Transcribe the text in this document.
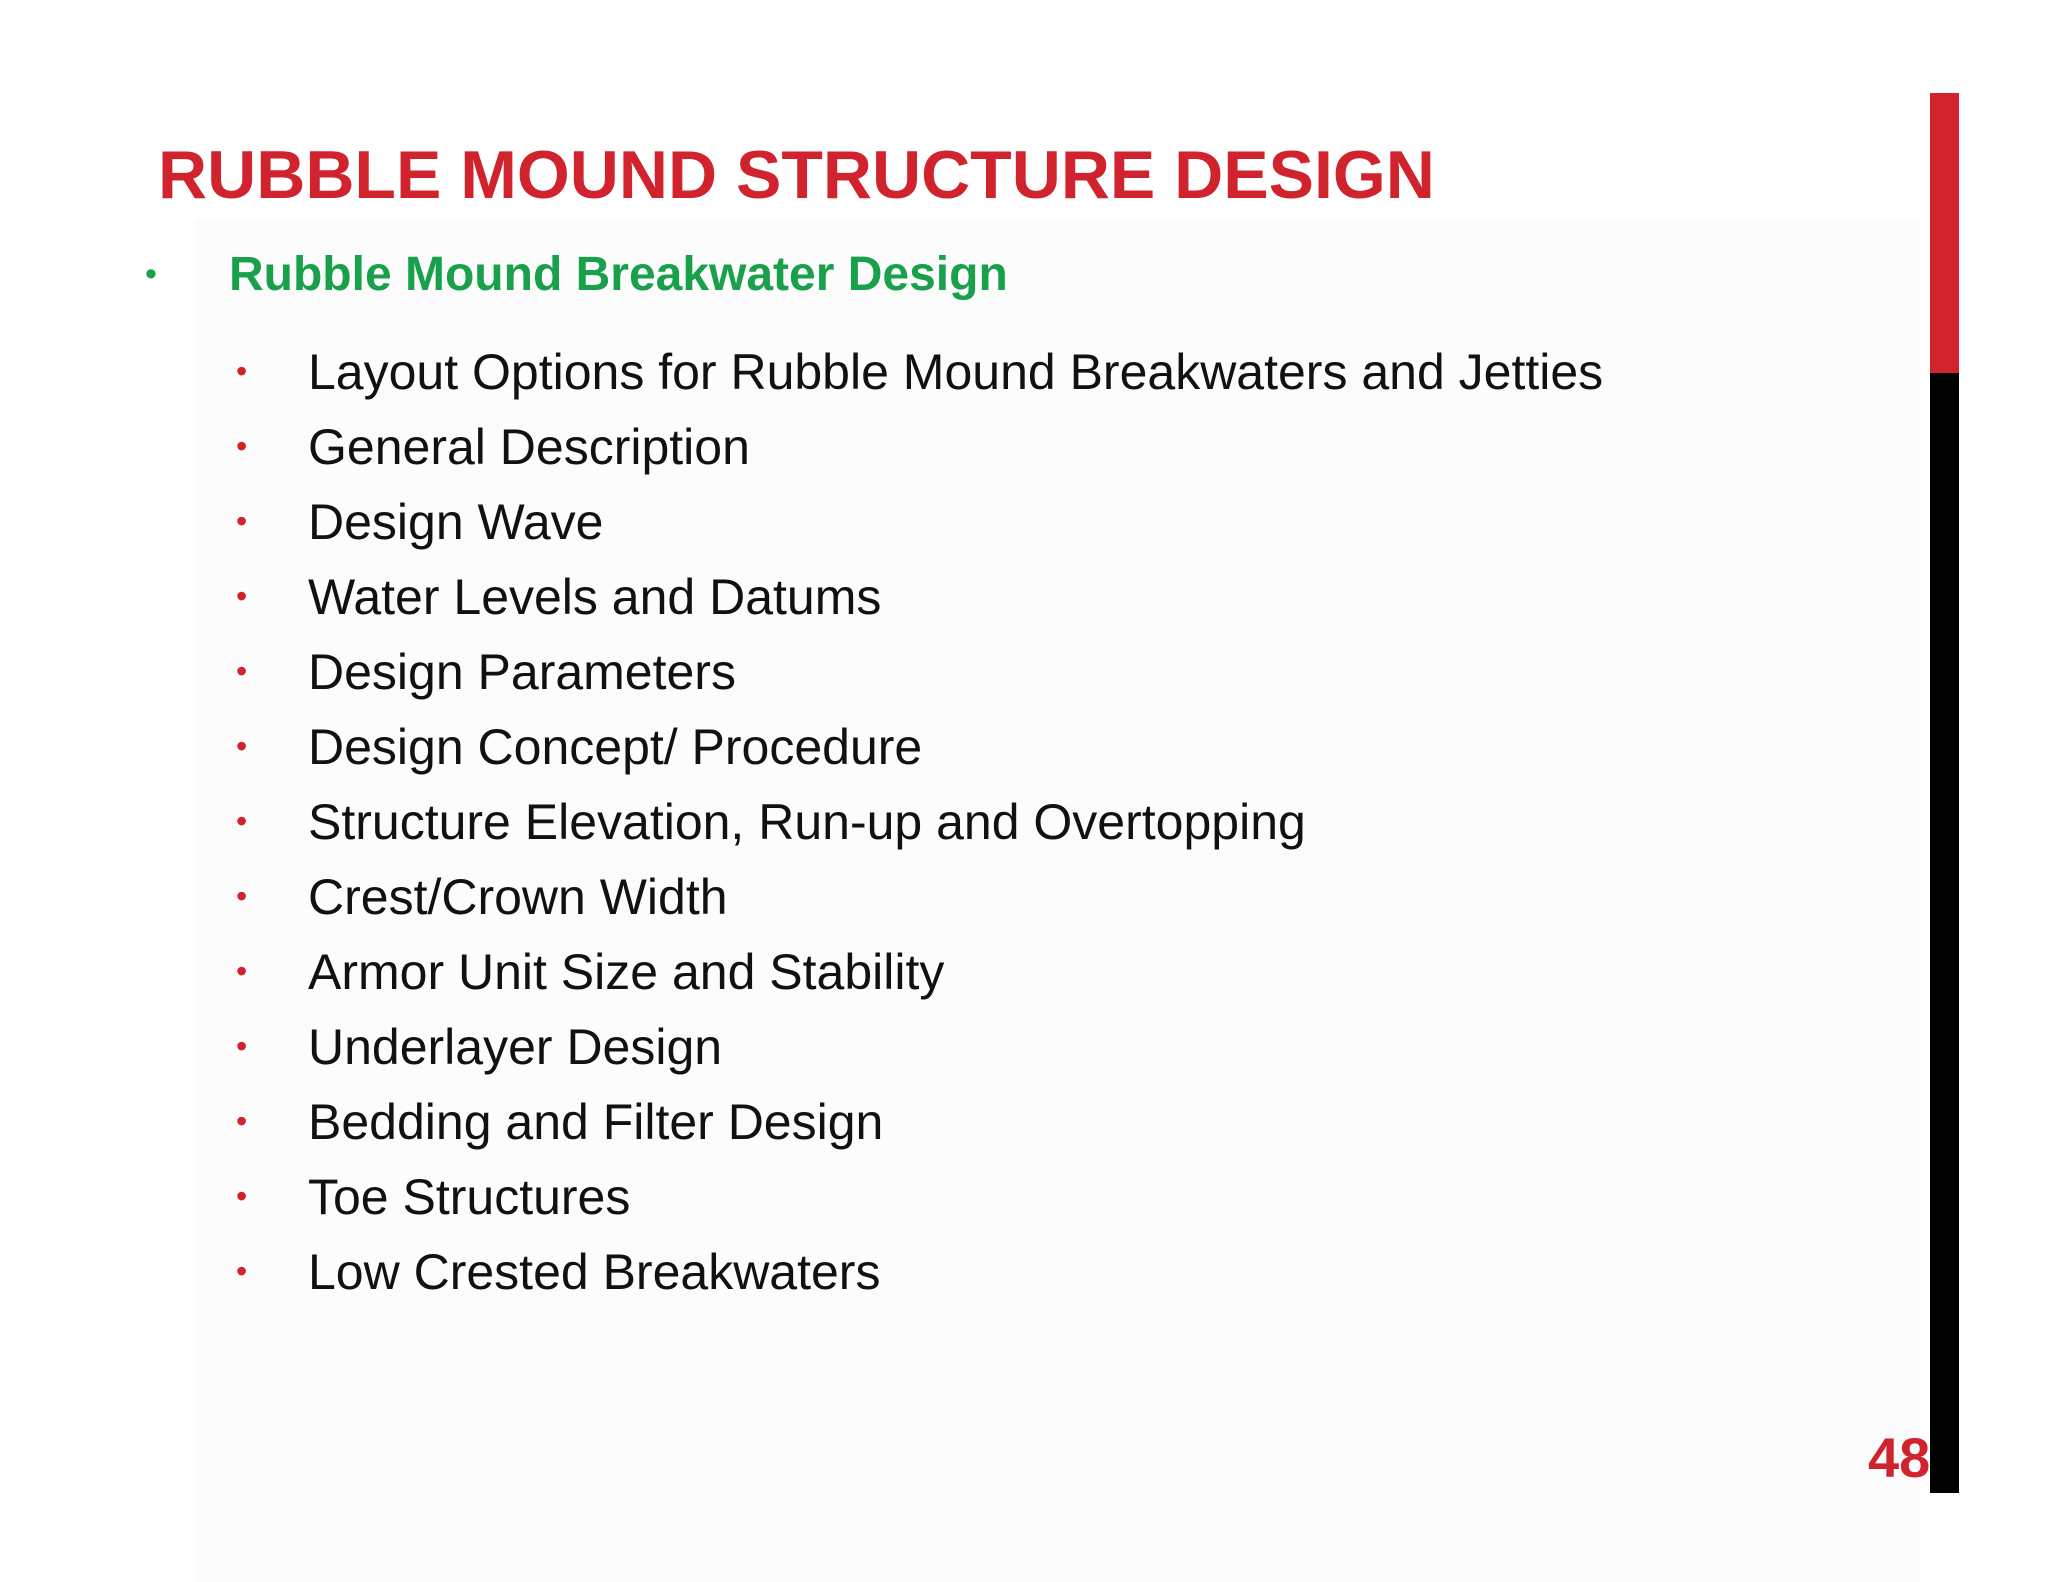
RUBBLE MOUND STRUCTURE DESIGN
•	Rubble Mound Breakwater Design
•	Layout Options for Rubble Mound Breakwaters and Jetties
•	General Description
•	Design Wave
•	Water Levels and Datums
•	Design Parameters
•	Design Concept/ Procedure
•	Structure Elevation, Run-up and Overtopping
•	Crest/Crown Width
•	Armor Unit Size and Stability
•	Underlayer Design
•	Bedding and Filter Design
•	Toe Structures
•	Low Crested Breakwaters
48
